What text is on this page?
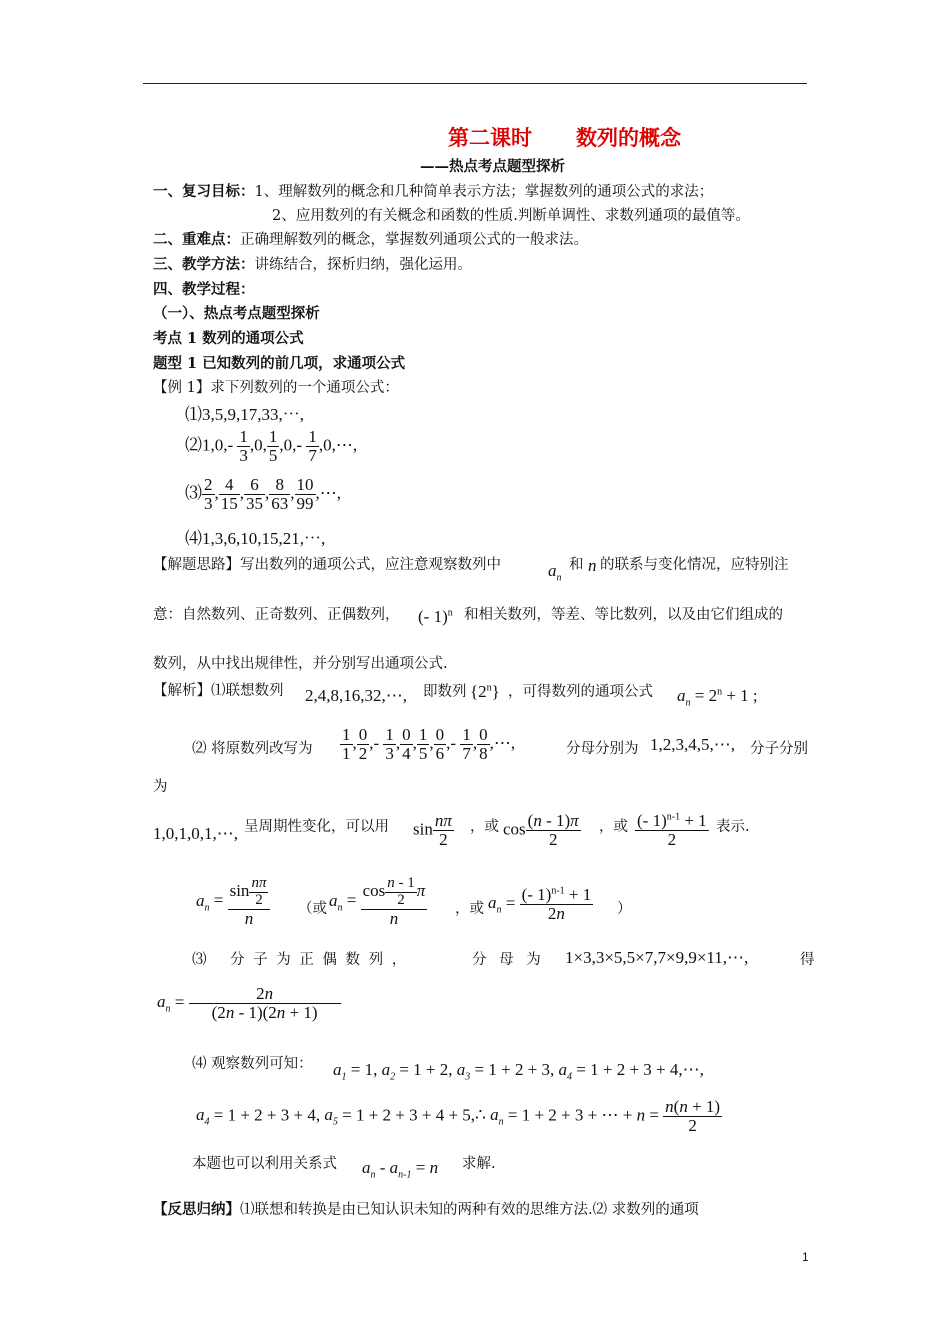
第二课时 数列的概念
——热点考点题型探析
一、复习目标：1、理解数列的概念和几种简单表示方法；掌握数列的通项公式的求法；
2、应用数列的有关概念和函数的性质.判断单调性、求数列通项的最值等。
二、重难点：正确理解数列的概念，掌握数列通项公式的一般求法。
三、教学方法：讲练结合，探析归纳，强化运用。
四、教学过程：
（一）、热点考点题型探析
考点 1 数列的通项公式
题型 1 已知数列的前几项，求通项公式
【例 1】求下列数列的一个通项公式：
⑴3,5,9,17,33,⋯,
⑵1,0,- $\frac{1}{3} ,0$, $\frac{1}{5} ,0,- \frac{1}{7}$ ,0,⋯,
⑶ $\frac{2}{3}$ , $\frac{4}{15}$ , $\frac{6}{35}$ , $\frac{8}{63}$ , $\frac{10}{99}$ ,⋯,
⑷1,3,6,10,15,21,⋯,
【解题思路】写出数列的通项公式，应注意观察数列中	$a_n$
和 n 的联系与变化情况，应特别注
意：自然数列、正奇数列、正偶数列， (- 1)$^n$ 和相关数列，等差、等比数列，以及由它们组成的
数列，从中找出规律性，并分别写出通项公式.
【解析】⑴联想数列 2,4,8,16,32,⋯, 即数列 {2$^n$} ，可得数列的通项公式 $a_n = 2^n + 1$ ;
⑵ 将原数列改写为 $\frac{1}{1}$ , $\frac{0}{2}$ ,- $\frac{1}{3}$ , $\frac{0}{4}$ , $\frac{1}{5}$ , $\frac{0}{6}$ ,- $\frac{1}{7}$ , $\frac{0}{8}$ ,⋯,	分母分别为 1,2,3,4,5,⋯, 分子分别
为
1,0,1,0,1,⋯, 呈周期性变化，可以用 $\sin \frac{n\pi}{2}$ ，或 $\cos \frac{(n - 1)\pi}{2}$ ，或 $\frac{(- 1)^{n-1} + 1}{2}$ 表示.
$a_n = \frac{\sin \frac{n\pi}{2}}{n}$ （或 $a_n = \frac{\cos \frac{n - 1}{2} \pi}{n}$ ，或 $a_n = \frac{(- 1)^{n-1} + 1}{2n}$ ）
⑶ 分 子 为 正 偶 数 列 ，	分 母 为 1×3,3×5,5×7,7×9,9×11,⋯,	得
$a_n = \frac{2n}{(2n - 1)(2n + 1)}$
⑷ 观察数列可知： $a_1 = 1$, $a_2 = 1 + 2$, $a_3 = 1 + 2 + 3$, $a_4 = 1 + 2 + 3$ + 4,⋯,
$a_4 = 1 + 2 + 3 + 4$, $a_5 = 1 + 2 + 3 + 4$ + 5,∴ $a_n = 1 + 2 + 3$ + ⋯ + $n = \frac{n(n + 1)}{2}$
本题也可以利用关系式 $a_n - a_{n-1} = n$ 求解.
【反思归纳】⑴联想和转换是由已知认识未知的两种有效的思维方法.⑵ 求数列的通项
1
